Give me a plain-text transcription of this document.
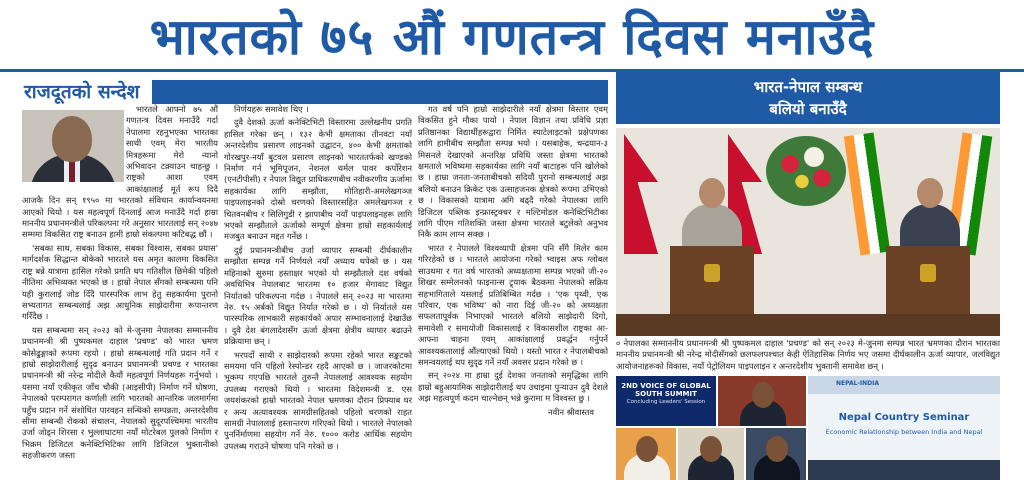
भारतको ७५ औं गणतन्त्र दिवस मनाउँदै
राजदूतको सन्देश

भारतले आफ्नो ७५ औं गणतन्त्र दिवस मनाउँदै गर्दा नेपालमा रहनुभएका भारतका साथी एवम् मेरा भारतीय मित्रहरूमा मेरो न्यानो अभिवादन टक्र्याउन चाहन्छु । राष्ट्रको आशा एवम् आकांक्षालाई मूर्त रूप दिदै आजकै दिन सन् १९५० मा भारतको संविधान कार्यान्वयनमा आएको थियो । यस महत्वपूर्ण दिनलाई आज मनाउँदै गर्दा हाम्रा माननीय प्रधानमन्त्रीले परिकल्पना गरे अनुसार भारतलाई सन् २०४७ सम्ममा विकसित राष्ट्र बनाउन हामी हाम्रो संकल्पमा कटिबद्ध छौं ।

'सबका साथ, सबका विकास, सबका विश्वास, सबका प्रयास' मार्गदर्शक सिद्धान्त बोकेको भारतले यस अमृत कालमा विकसित राष्ट्र बन्ने यात्रामा हासिल गरेको प्रगति थप गतिशील छिमेकी पहिलो नीतिमा अभिव्यक्त भएको छ । हाम्रो नेपाल सँगको सम्बन्धमा पनि यही कुरालाई जोड दिँदै पारस्परिक लाभ हेतु सहकार्यमा पुरानो सभ्यतागत सम्बन्धलाई अझ आधुनिक साझेदारीमा रूपान्तरण गरिँदैछ ।

यस सम्बन्धमा सन् २०२३ को मे-जुनमा नेपालका सम्माननीय प्रधानमन्त्री श्री पुष्पकमल दाहाल 'प्रचण्ड' को भारत भ्रमण कोसेढुङ्गाको रूपमा रहयो । हाम्रो सम्बन्धलाई गति प्रदान गर्ने र हाम्रो साझेदारीलाई सुदृढ बनाउन प्रधानमन्त्री प्रचण्ड र भारतका प्रधानमन्त्री श्री नरेन्द्र मोदीले कैयौं महत्वपूर्ण निर्णयहरू गर्नुभयो । यसमा नयाँ एकीकृत जाँच चौकी (आइसीपी) निर्माण गर्ने घोषणा, नेपालको परम्परागत कर्णाली लागि भारतको आन्तरिक जलमार्गमा पहुँच प्रदान गर्ने संशोधित पारवहन सन्धिको सम्पन्नता, अन्तरदेशीय सीमा सम्बन्धी रोकको संचालन, नेपालको सुदूरपश्चिममा भारतीय उर्जा जोड्न शिरसा र भुल्लाघाटमा नयाँ मोटरेबल पुलको निर्माण र भिक्रम डिजिटल कनेक्टिभिटिका लागि डिजिटल भुक्तानीको सहजीकरण जस्ता

निर्णयहरू समावेश थिए ।

दुवै देशको ऊर्जा कनेक्टिभिटी विस्तारमा उल्लेखनीय प्रगति हासिल गरेका छन् । १३२ केभी क्षमताका तीनवटा नयाँ अन्तरदेशीय प्रसारण लाइनको उद्घाटन, ४०० केभी क्षमताको गोरखपुर-नयाँ बुटवल प्रसारण लाइनको भारततर्फको खण्डको निर्माण गर्न भूमिपूजन, नेशनल थर्मल पावर कर्पोरेशन (एनटीपीसी) र नेपाल विद्युत प्राधिकरणबीच नवीकरणीय ऊर्जामा सहकार्यका लागि सम्झौता, मोतिहारी-अमलेखगञ्ज पाइपलाइनको दोस्रो चरणको विस्तारसहित अमलेखगञ्ज र चितवनबीच र सिलिगुडी र झापाबीच नयाँ पाइपलाइनहरू लागि भएको सम्झौताले ऊर्जाको सम्पूर्ण क्षेत्रमा हाम्रो सहकार्यलाई मजबुत बनाउन मद्दत गर्नेछ ।

दुई प्रधानमन्त्रीबीच उर्जा व्यापार सम्बन्धी दीर्घकालीन सम्झौता सम्पन्न गर्ने निर्णयले नयाँ अध्याय थपेको छ । यस महिनाको सुरुमा हस्ताक्षर भएको यो सम्झौताले दश वर्षको अवधिभित्र नेपालबाट भारतमा १० हजार मेगावाट विद्युत निर्यातको परिकल्पना गर्दछ । नेपालले सन् २०२३ मा भारतमा नेरु. १५ अर्बको विद्युत निर्यात गरेको छ । यो निर्यातले यस पारस्परिक लाभकारी सहकार्यको अपार सम्भावनालाई देखाउँछ । दुवै देश बंगलादेशसँग ऊर्जा क्षेत्रमा क्षेत्रीय व्यापार बढाउने प्रक्रियामा छन् ।

भरपर्दो साथी र साझेदारको रूपमा रहेको भारत सङ्कटको समयमा पनि पहिलो रेस्पोन्डर रहदै आएको छ । जाजरकोटमा भूकम्प गएपछि भारतले तुरुन्तै नेपाललाई आवश्यक सहयोग उपलब्ध गराएको थियो । भारतमा विदेशमन्त्री ड. एस जयशंकरको हाम्रो भारतको नेपाल भ्रमणका दौरान प्रिफ्याब घर र अन्य अत्यावश्यक सामग्रीसहितको पहिलो चरणको राहत सामग्री नेपाललाई हस्तान्तरण गरिएको थियो । भारतले नेपालको पुनर्निर्माणमा सहयोग गर्ने नेरु. १००० करोड आर्थिक सहयोग उपलब्ध गराउने घोषणा पनि गरेको छ ।

गत वर्ष पनि हाम्रो साझेदारीले नयाँ क्षेत्रमा विस्तार एवम् विकसित हुने मौका पायो । नेपाल विज्ञान तथा प्रविधि प्रज्ञा प्रतिष्ठानका विद्यार्थीहरूद्वारा निर्मित स्याटेलाइटको प्रक्षेपणका लागि हामीबीच सम्झौता सम्पन्न भयो । यसबाहेक, चन्द्रयान-३ मिसनले देखाएको अन्तरिक्ष प्रविधि जस्ता क्षेत्रमा भारतको क्षमताले भविष्यमा सहकार्यका लागि नयाँ बाटाहरू पनि खोलेको छ । हाम्रा जनता-जनताबीचको सदियौं पुरानो सम्बन्धलाई अझ बलियो बनाउन क्रिकेट एक उत्साहजनक क्षेत्रको रूपमा उभिएको छ । विकासको यात्रामा अगि बढ्दै गरेको नेपालका लागि डिजिटल पब्लिक इन्फ्रास्ट्रक्चर र मल्टिमोडल कनेक्टिभिटीका लागि पीएम गतिशक्ति जस्ता क्षेत्रमा भारतले बटुलेको अनुभव निकै काम लाग्न सक्छ ।

भारत र नेपालले विश्वव्यापी क्षेत्रमा पनि सँगै मिलेर काम गरिरहेको छ । भारतले आयोजना गरेको भ्वाइस अफ ग्लोबल साउथमा र गत वर्ष भारतको अध्यक्षतामा सम्पन्न भएको जी-२० शिखर सम्मेलनको फाइनान्स ट्र्याक बैठकमा नेपालको सक्रिय सहभागिताले यसलाई प्रतिबिम्बित गर्दछ । 'एक पृथ्वी, एक परिवार, एक भविष्य' को नारा दिई जी-२० को अध्यक्षता सफलतापूर्वक निभाएको भारतले बलियो साझेदारी दिगो, समावेशी र समायोजी विकासलाई र विकासशील राष्ट्रका आ-आफ्ना चाहना एवम् आकांक्षालाई प्रवर्द्धन गर्नुपर्ने आवश्यकतालाई औंल्याएको थियो । यस्तो भारत र नेपालबीचको समन्वयलाई थप सुदृढ गर्ने नयाँ अवसर प्रदान गरेको छ ।

सन् २०२४ मा हाम्रा दुई देशका जनताको समृद्धिका लागि हाम्रो बहुआयामिक साझेदारीलाई थप उचाइमा पुऱ्याउन दुवै देशले अझ महत्वपूर्ण कदम चाल्नेछन् भन्ने कुरामा म विश्वस्त छु ।

नवीन श्रीवास्तव

भारत-नेपाल सम्बन्ध
बलियो बनाउँदै
० नेपालका सम्माननीय प्रधानमन्त्री श्री पुष्पकमल दाहाल 'प्रचण्ड' को सन् २०२३ मे-जुनमा सम्पन्न भारत भ्रमणका दौरान भारतका माननीय प्रधानमन्त्री श्री नरेन्द्र मोदीसँगको छलफलपश्चात केही ऐतिहासिक निर्णय भए जसमा दीर्घकालीन ऊर्जा व्यापार, जलविद्युत आयोजनाहरूको विकास, नयाँ पेट्रोलियम पाइपलाइन र अन्तरदेशीय भुक्तानी समावेश छन् ।
2ND VOICE OF GLOBAL SOUTH SUMMIT
Concluding Leaders' Session
NEPAL-INDIA
Nepal Country Seminar
Economic Relationship between India and Nepal
